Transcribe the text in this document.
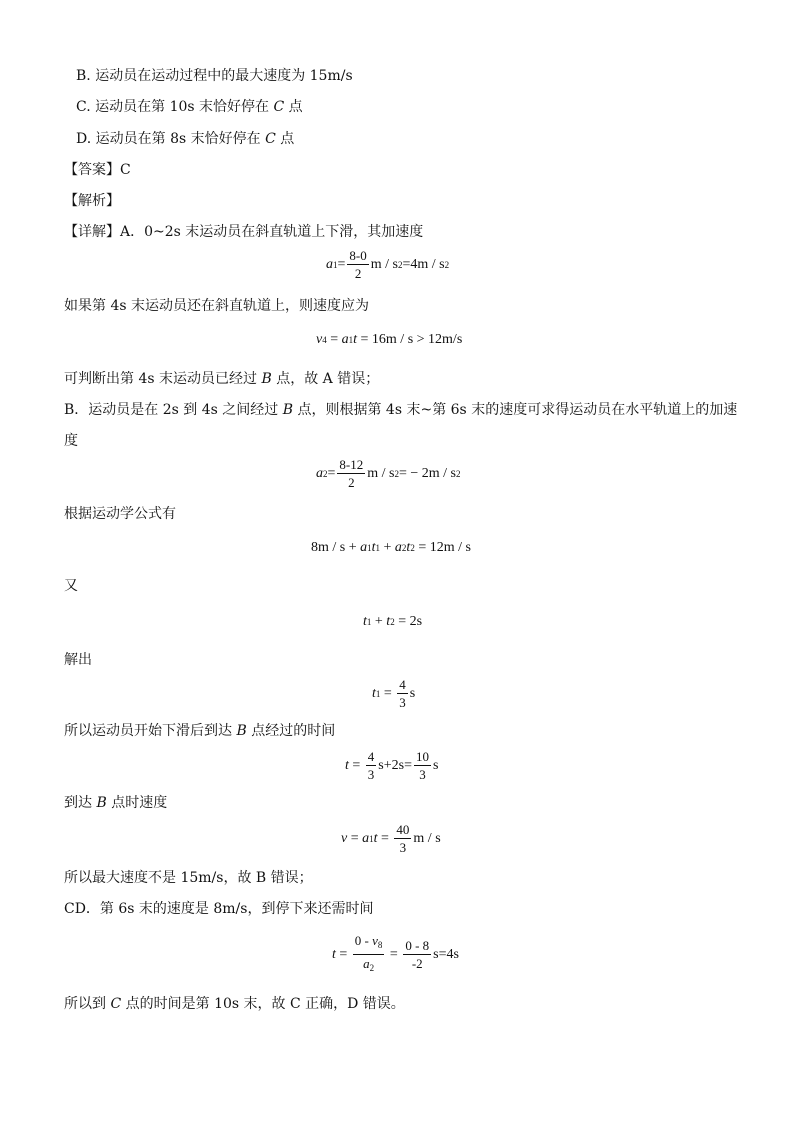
B. 运动员在运动过程中的最大速度为 15m/s
C. 运动员在第 10s 末恰好停在 C 点
D. 运动员在第 8s 末恰好停在 C 点
【答案】C
【解析】
【详解】A．0~2s 末运动员在斜直轨道上下滑，其加速度
a $1 = \frac{8-0}{2}$ m / s 2 =4m / s 2
如果第 4s 末运动员还在斜直轨道上，则速度应为
v 4 = a 1 t = 16m / s > 12m/s
可判断出第 4s 末运动员已经过 B 点，故 A 错误；
B．运动员是在 2s 到 4s 之间经过 B 点，则根据第 4s 末~第 6s 末的速度可求得运动员在水平轨道上的加速
度
a $2 = \frac{8-12}{2}$ m / s 2 = − 2m / s 2
根据运动学公式有
8m / s + a 1 t 1 + a 2 t 2 = 12m / s
又
t 1 + t 2 = 2s
解出
t $1 = \frac{4}{3}$ s
所以运动员开始下滑后到达 B 点经过的时间
$t = \frac{4}{3} s+2s= \frac{10}{3}$ s
到达 B 点时速度
v = a 1 $t = \frac{40}{3}$ m / s
所以最大速度不是 15m/s，故 B 错误；
CD．第 6s 末的速度是 8m/s，到停下来还需时间
$t = \frac{0 - v_8}{a_2} = \frac{0 - 8}{-2} s=4s$
所以到 C 点的时间是第 10s 末，故 C 正确，D 错误。
